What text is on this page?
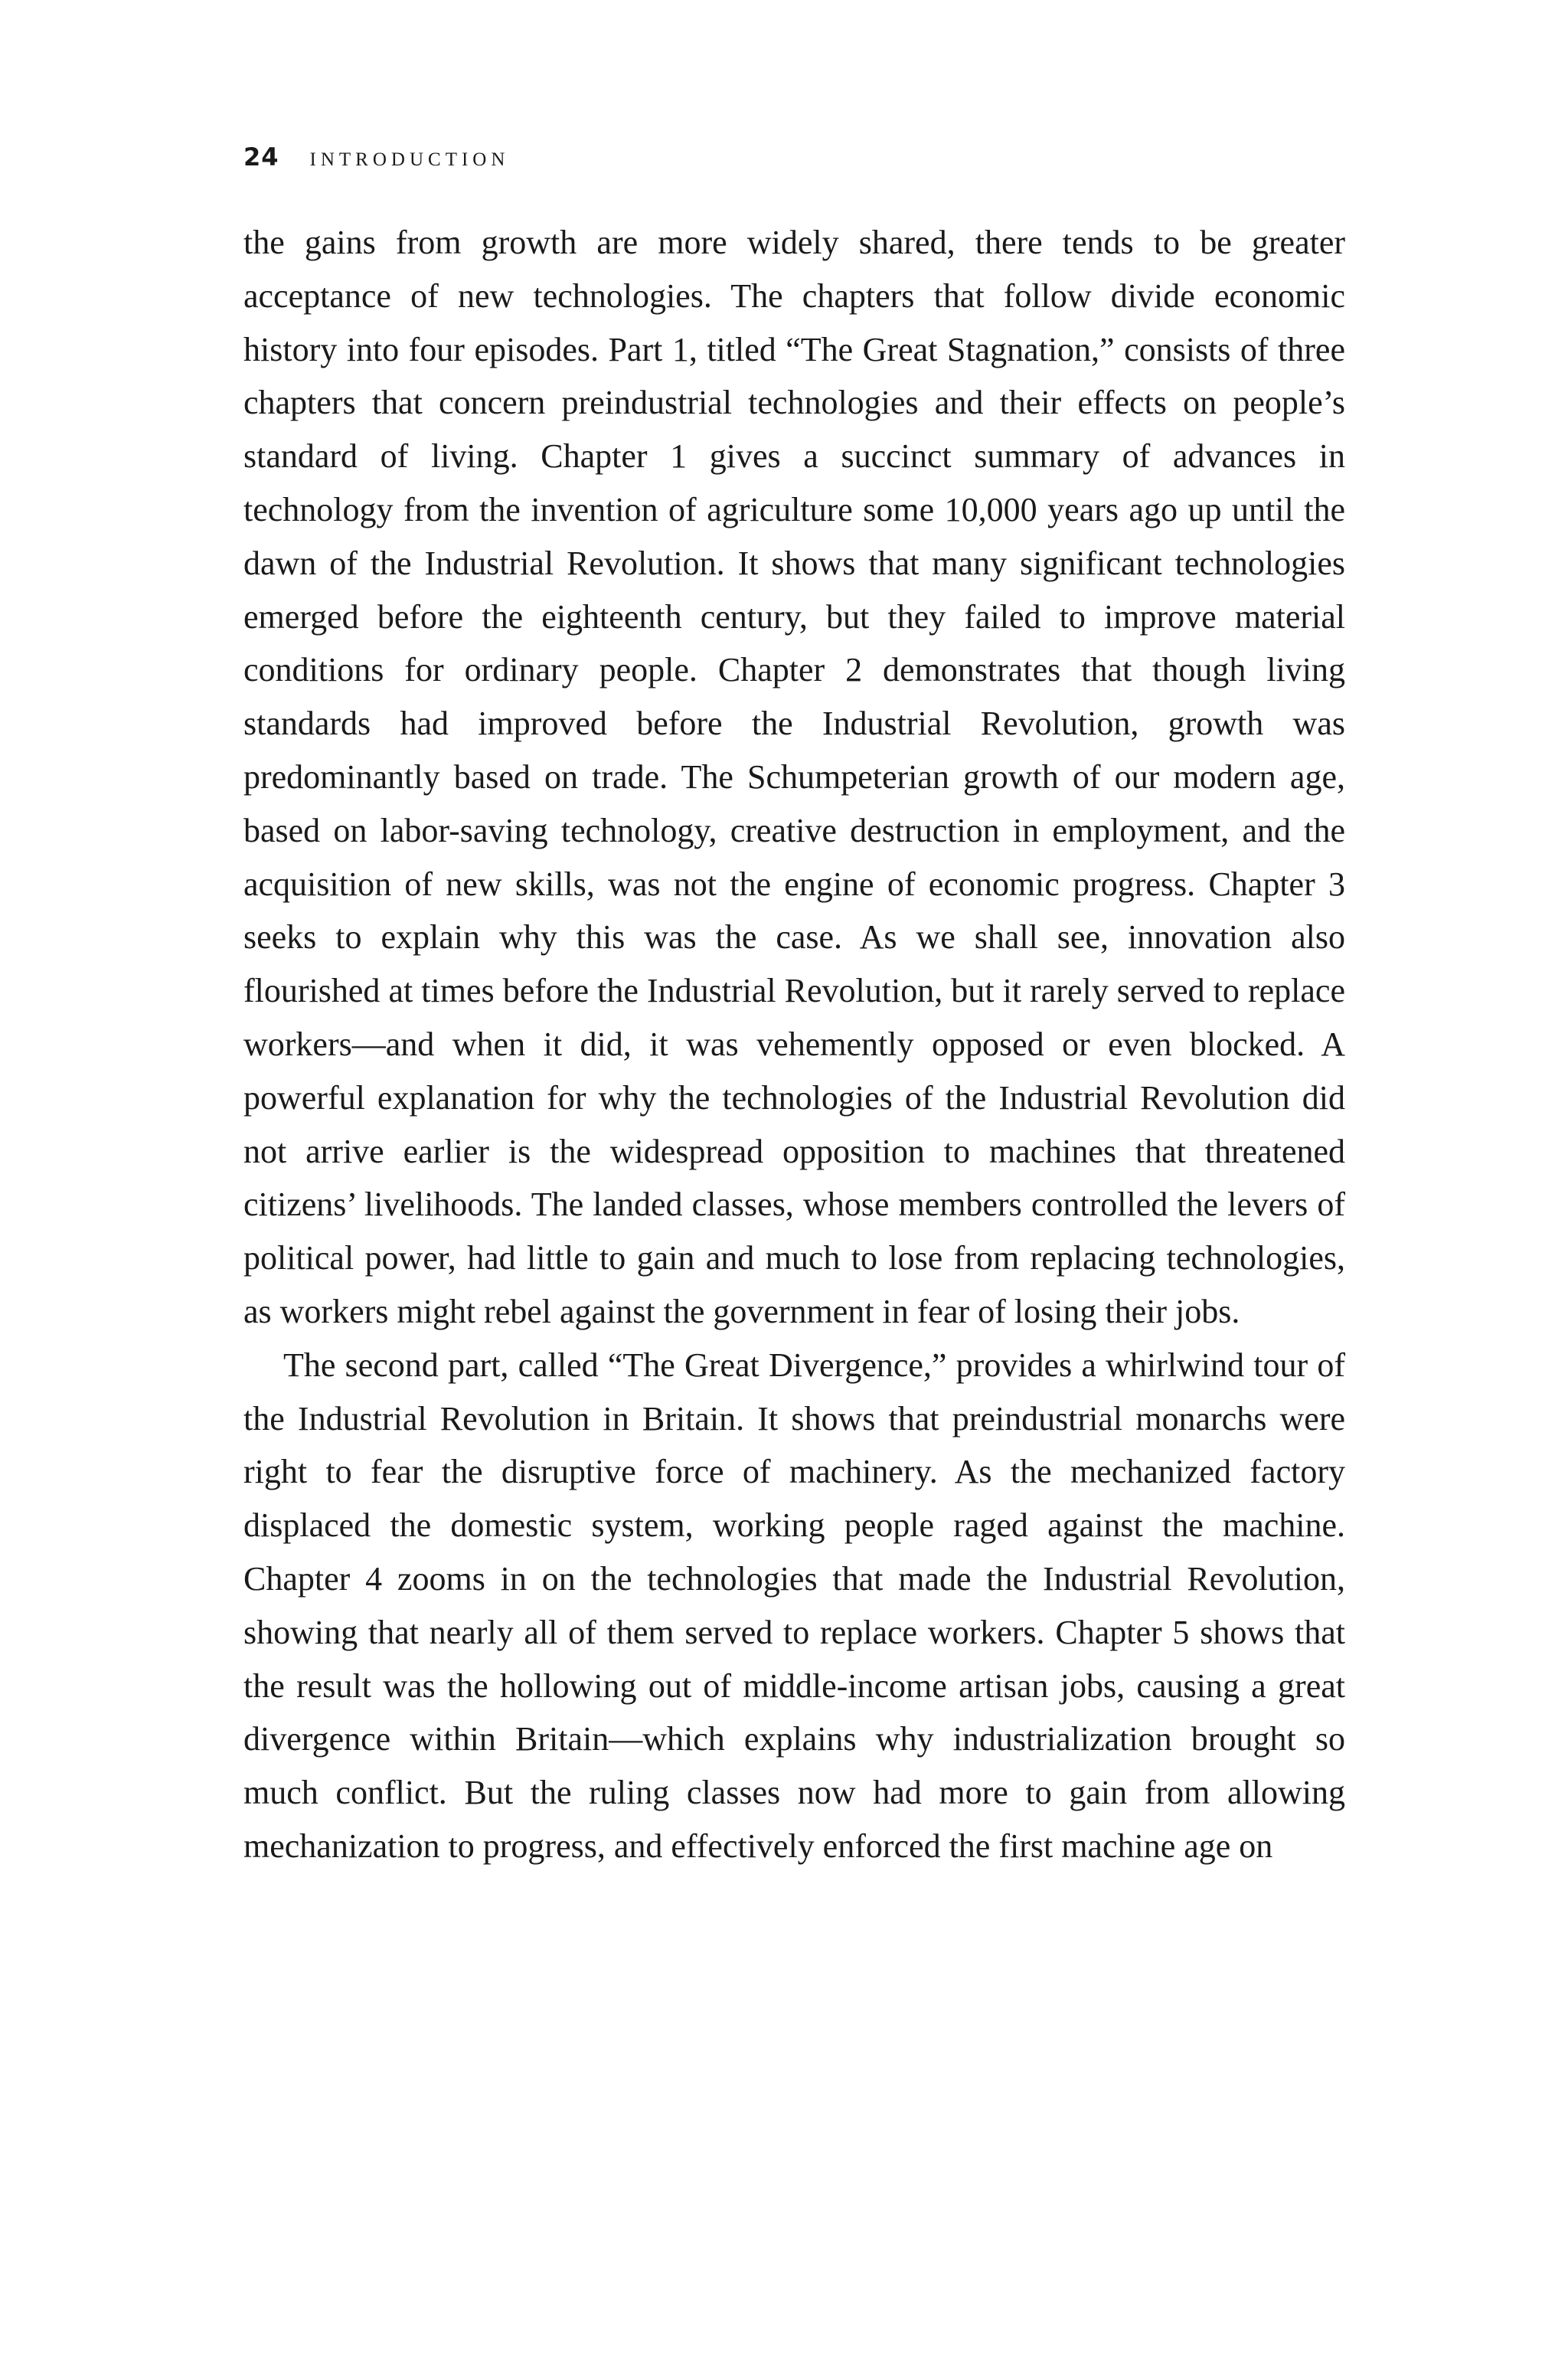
24 INTRODUCTION

the gains from growth are more widely shared, there tends to be greater acceptance of new technologies. The chapters that follow divide economic history into four episodes. Part 1, titled “The Great Stagnation,” consists of three chapters that concern preindustrial technologies and their effects on people’s standard of living. Chapter 1 gives a succinct summary of advances in technology from the invention of agriculture some 10,000 years ago up until the dawn of the Industrial Revolution. It shows that many significant technologies emerged before the eighteenth century, but they failed to improve material conditions for ordinary people. Chapter 2 demonstrates that though living standards had improved before the Industrial Revolution, growth was predominantly based on trade. The Schumpeterian growth of our modern age, based on labor-saving technology, creative destruction in employment, and the acquisition of new skills, was not the engine of economic progress. Chapter 3 seeks to explain why this was the case. As we shall see, innovation also flourished at times before the Industrial Revolution, but it rarely served to replace workers—and when it did, it was vehemently opposed or even blocked. A powerful explanation for why the technologies of the Industrial Revolution did not arrive earlier is the widespread opposition to machines that threatened citizens’ livelihoods. The landed classes, whose members controlled the levers of political power, had little to gain and much to lose from replacing technologies, as workers might rebel against the government in fear of losing their jobs.

The second part, called “The Great Divergence,” provides a whirlwind tour of the Industrial Revolution in Britain. It shows that preindustrial monarchs were right to fear the disruptive force of machinery. As the mechanized factory displaced the domestic system, working people raged against the machine. Chapter 4 zooms in on the technologies that made the Industrial Revolution, showing that nearly all of them served to replace workers. Chapter 5 shows that the result was the hollowing out of middle-income artisan jobs, causing a great divergence within Britain—which explains why industrialization brought so much conflict. But the ruling classes now had more to gain from allowing mechanization to progress, and effectively enforced the first machine age on
